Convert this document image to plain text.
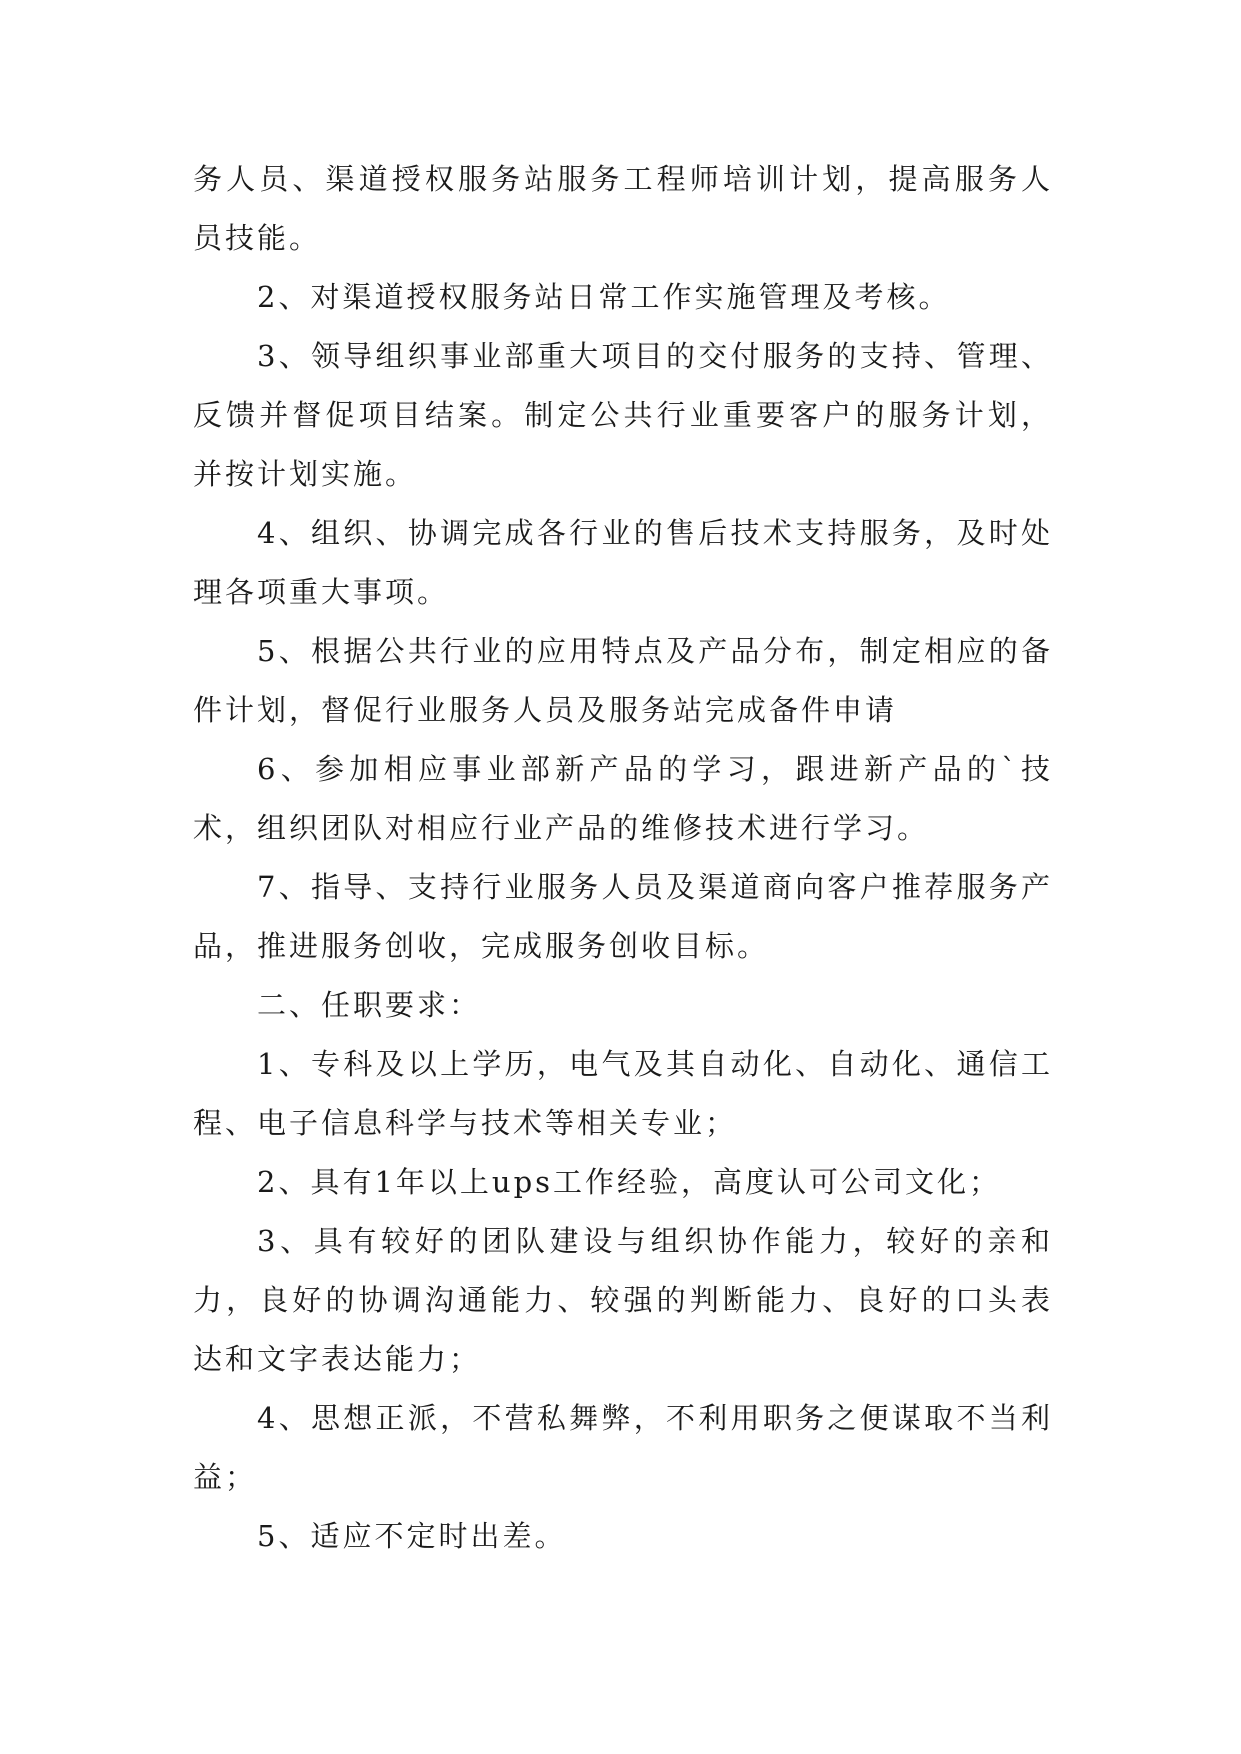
务人员、渠道授权服务站服务工程师培训计划，提高服务人员技能。

2、对渠道授权服务站日常工作实施管理及考核。

3、领导组织事业部重大项目的交付服务的支持、管理、反馈并督促项目结案。制定公共行业重要客户的服务计划，并按计划实施。

4、组织、协调完成各行业的售后技术支持服务，及时处理各项重大事项。

5、根据公共行业的应用特点及产品分布，制定相应的备件计划，督促行业服务人员及服务站完成备件申请

6、参加相应事业部新产品的学习，跟进新产品的`技术，组织团队对相应行业产品的维修技术进行学习。

7、指导、支持行业服务人员及渠道商向客户推荐服务产品，推进服务创收，完成服务创收目标。

二、任职要求：

1、专科及以上学历，电气及其自动化、自动化、通信工程、电子信息科学与技术等相关专业；

2、具有1年以上ups工作经验，高度认可公司文化；

3、具有较好的团队建设与组织协作能力，较好的亲和力，良好的协调沟通能力、较强的判断能力、良好的口头表达和文字表达能力；

4、思想正派，不营私舞弊，不利用职务之便谋取不当利益；

5、适应不定时出差。
